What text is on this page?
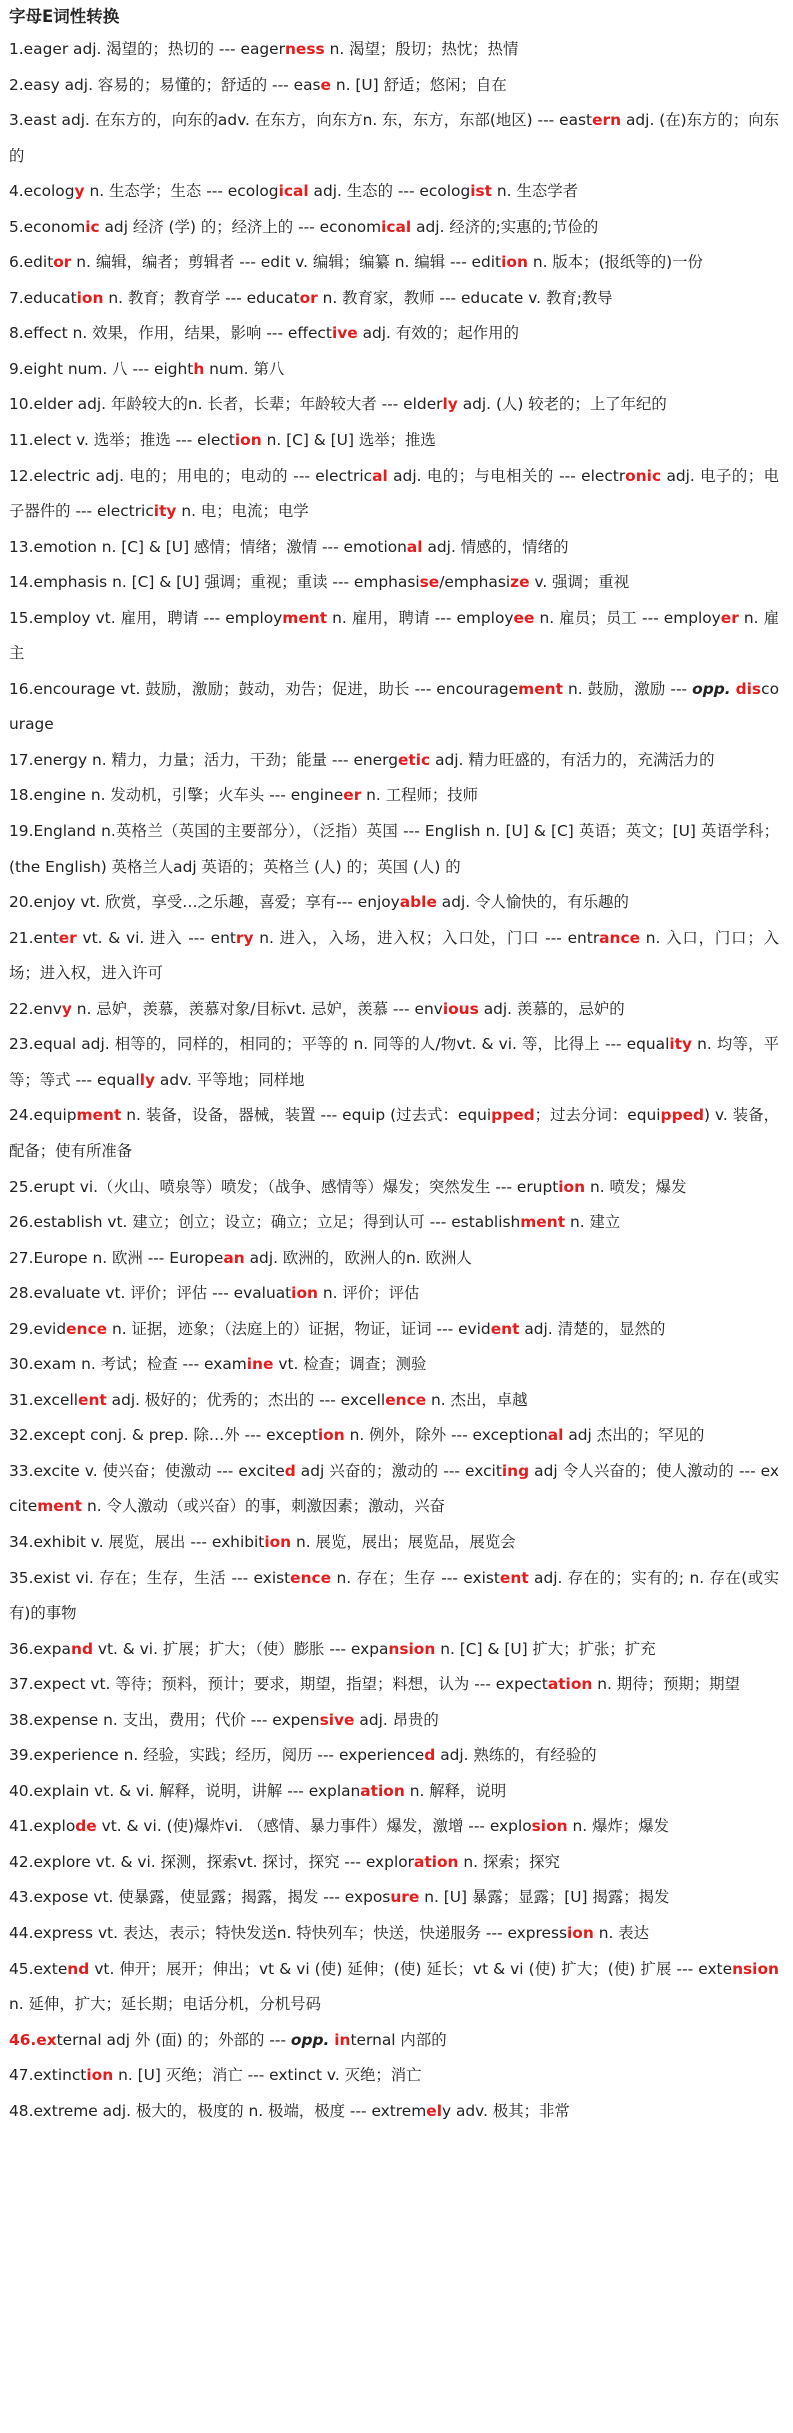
字母E词性转换

1.eager adj. 渴望的；热切的 --- eagerness n. 渴望；殷切；热忱；热情

2.easy adj. 容易的；易懂的；舒适的 --- ease n. [U] 舒适；悠闲；自在

3.east adj. 在东方的，向东的adv. 在东方，向东方n. 东，东方，东部(地区) --- eastern adj. (在)东方的；向东的

4.ecology n. 生态学；生态 --- ecological adj. 生态的 --- ecologist n. 生态学者

5.economic adj 经济 (学) 的；经济上的 --- economical adj. 经济的;实惠的;节俭的

6.editor n. 编辑，编者；剪辑者 --- edit v. 编辑；编纂 n. 编辑 --- edition n. 版本；(报纸等的)一份

7.education n. 教育；教育学 --- educator n. 教育家，教师 --- educate v. 教育;教导

8.effect n. 效果，作用，结果，影响 --- effective adj. 有效的；起作用的

9.eight num. 八 --- eighth num. 第八

10.elder adj. 年龄较大的n. 长者，长辈；年龄较大者 --- elderly adj. (人) 较老的；上了年纪的

11.elect v. 选举；推选 --- election n. [C] & [U] 选举；推选

12.electric adj. 电的；用电的；电动的 --- electrical adj. 电的；与电相关的 --- electronic adj. 电子的；电子器件的 --- electricity n. 电；电流；电学

13.emotion n. [C] & [U] 感情；情绪；激情 --- emotional adj. 情感的，情绪的

14.emphasis n. [C] & [U] 强调；重视；重读 --- emphasise/emphasize v. 强调；重视

15.employ vt. 雇用，聘请 --- employment n. 雇用，聘请 --- employee n. 雇员；员工 --- employer n. 雇主

16.encourage vt. 鼓励，激励；鼓动，劝告；促进，助长 --- encouragement n. 鼓励，激励 --- opp. discourage

17.energy n. 精力，力量；活力，干劲；能量 --- energetic adj. 精力旺盛的，有活力的，充满活力的

18.engine n. 发动机，引擎；火车头 --- engineer n. 工程师；技师

19.England n.英格兰（英国的主要部分），（泛指）英国 --- English n. [U] & [C] 英语；英文；[U] 英语学科；(the English) 英格兰人adj 英语的；英格兰 (人) 的；英国 (人) 的

20.enjoy vt. 欣赏，享受…之乐趣，喜爱；享有--- enjoyable adj. 令人愉快的，有乐趣的

21.enter vt. & vi. 进入 --- entry n. 进入，入场，进入权；入口处，门口 --- entrance n. 入口，门口；入场；进入权，进入许可

22.envy n. 忌妒，羡慕，羡慕对象/目标vt. 忌妒，羡慕 --- envious adj. 羡慕的，忌妒的

23.equal adj. 相等的，同样的，相同的；平等的 n. 同等的人/物vt. & vi. 等，比得上 --- equality n. 均等，平等；等式 --- equally adv. 平等地；同样地

24.equipment n. 装备，设备，器械，装置 --- equip (过去式：equipped；过去分词：equipped) v. 装备，配备；使有所准备

25.erupt vi.（火山、喷泉等）喷发；（战争、感情等）爆发；突然发生 --- eruption n. 喷发；爆发

26.establish vt. 建立；创立；设立；确立；立足；得到认可 --- establishment n. 建立

27.Europe n. 欧洲 --- European adj. 欧洲的，欧洲人的n. 欧洲人

28.evaluate vt. 评价；评估 --- evaluation n. 评价；评估

29.evidence n. 证据，迹象；（法庭上的）证据，物证，证词 --- evident adj. 清楚的，显然的

30.exam n. 考试；检查 --- examine vt. 检查；调查；测验

31.excellent adj. 极好的；优秀的；杰出的 --- excellence n. 杰出，卓越

32.except conj. & prep. 除…外 --- exception n. 例外，除外 --- exceptional adj 杰出的；罕见的

33.excite v. 使兴奋；使激动 --- excited adj 兴奋的；激动的 --- exciting adj 令人兴奋的；使人激动的 --- excitement n. 令人激动（或兴奋）的事，刺激因素；激动，兴奋

34.exhibit v. 展览，展出 --- exhibition n. 展览，展出；展览品，展览会

35.exist vi. 存在；生存，生活 --- existence n. 存在；生存 --- existent adj. 存在的；实有的; n. 存在(或实有)的事物

36.expand vt. & vi. 扩展；扩大；（使）膨胀 --- expansion n. [C] & [U] 扩大；扩张；扩充

37.expect vt. 等待；预料，预计；要求，期望，指望；料想，认为 --- expectation n. 期待；预期；期望

38.expense n. 支出，费用；代价 --- expensive adj. 昂贵的

39.experience n. 经验，实践；经历，阅历 --- experienced adj. 熟练的，有经验的

40.explain vt. & vi. 解释，说明，讲解 --- explanation n. 解释，说明

41.explode vt. & vi. (使)爆炸vi. （感情、暴力事件）爆发，激增 --- explosion n. 爆炸；爆发

42.explore vt. & vi. 探测，探索vt. 探讨，探究 --- exploration n. 探索；探究

43.expose vt. 使暴露，使显露；揭露，揭发 --- exposure n. [U] 暴露；显露；[U] 揭露；揭发

44.express vt. 表达，表示；特快发送n. 特快列车；快送，快递服务 --- expression n. 表达

45.extend vt. 伸开；展开；伸出；vt & vi (使) 延伸；(使) 延长；vt & vi (使) 扩大；(使) 扩展 --- extension n. 延伸，扩大；延长期；电话分机，分机号码

46.external adj 外 (面) 的；外部的 --- opp. internal 内部的

47.extinction n. [U] 灭绝；消亡 --- extinct v. 灭绝；消亡

48.extreme adj. 极大的，极度的 n. 极端，极度 --- extremely adv. 极其；非常
